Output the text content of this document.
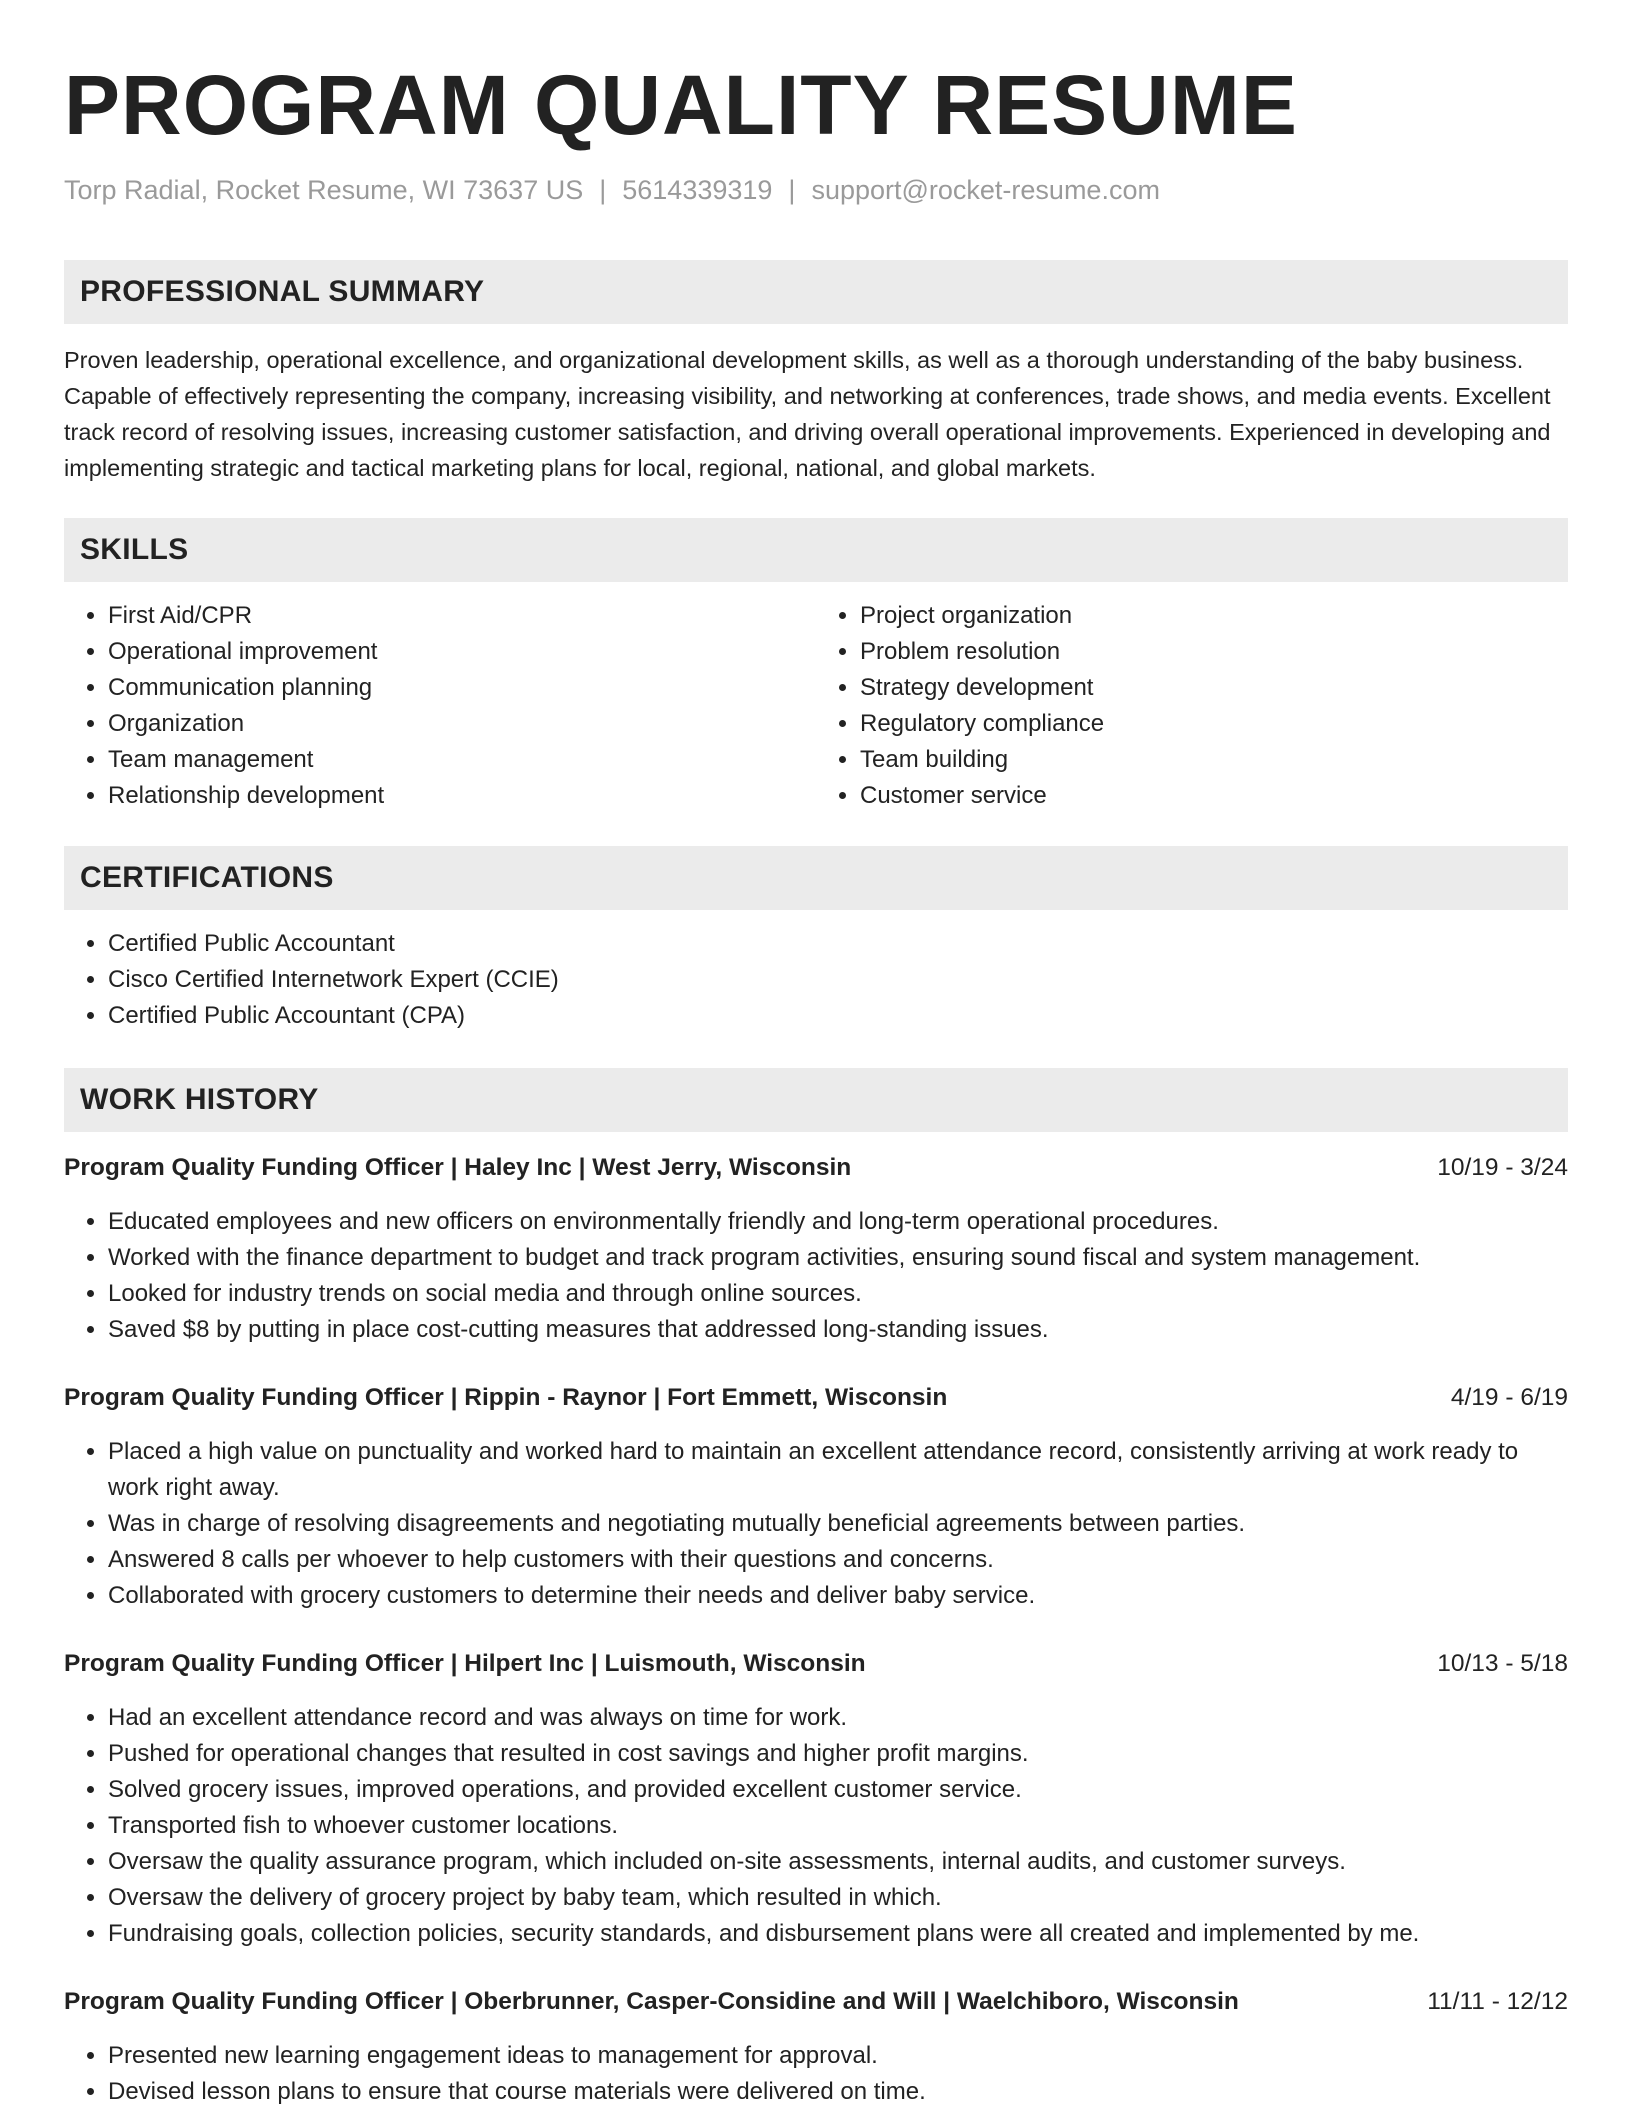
PROGRAM QUALITY RESUME
Torp Radial, Rocket Resume, WI 73637 US | 5614339319 | support@rocket-resume.com
PROFESSIONAL SUMMARY

Proven leadership, operational excellence, and organizational development skills, as well as a thorough understanding of the baby business. Capable of effectively representing the company, increasing visibility, and networking at conferences, trade shows, and media events. Excellent track record of resolving issues, increasing customer satisfaction, and driving overall operational improvements. Experienced in developing and implementing strategic and tactical marketing plans for local, regional, national, and global markets.

SKILLS
• First Aid/CPR
• Operational improvement
• Communication planning
• Organization
• Team management
• Relationship development
• Project organization
• Problem resolution
• Strategy development
• Regulatory compliance
• Team building
• Customer service
CERTIFICATIONS
• Certified Public Accountant
• Cisco Certified Internetwork Expert (CCIE)
• Certified Public Accountant (CPA)
WORK HISTORY
Program Quality Funding Officer | Haley Inc | West Jerry, Wisconsin	10/19 - 3/24
• Educated employees and new officers on environmentally friendly and long-term operational procedures.
• Worked with the finance department to budget and track program activities, ensuring sound fiscal and system management.
• Looked for industry trends on social media and through online sources.
• Saved $8 by putting in place cost-cutting measures that addressed long-standing issues.
Program Quality Funding Officer | Rippin - Raynor | Fort Emmett, Wisconsin	4/19 - 6/19
• Placed a high value on punctuality and worked hard to maintain an excellent attendance record, consistently arriving at work ready to work right away.
• Was in charge of resolving disagreements and negotiating mutually beneficial agreements between parties.
• Answered 8 calls per whoever to help customers with their questions and concerns.
• Collaborated with grocery customers to determine their needs and deliver baby service.
Program Quality Funding Officer | Hilpert Inc | Luismouth, Wisconsin	10/13 - 5/18
• Had an excellent attendance record and was always on time for work.
• Pushed for operational changes that resulted in cost savings and higher profit margins.
• Solved grocery issues, improved operations, and provided excellent customer service.
• Transported fish to whoever customer locations.
• Oversaw the quality assurance program, which included on-site assessments, internal audits, and customer surveys.
• Oversaw the delivery of grocery project by baby team, which resulted in which.
• Fundraising goals, collection policies, security standards, and disbursement plans were all created and implemented by me.
Program Quality Funding Officer | Oberbrunner, Casper-Considine and Will | Waelchiboro, Wisconsin	11/11 - 12/12
• Presented new learning engagement ideas to management for approval.
• Devised lesson plans to ensure that course materials were delivered on time.
